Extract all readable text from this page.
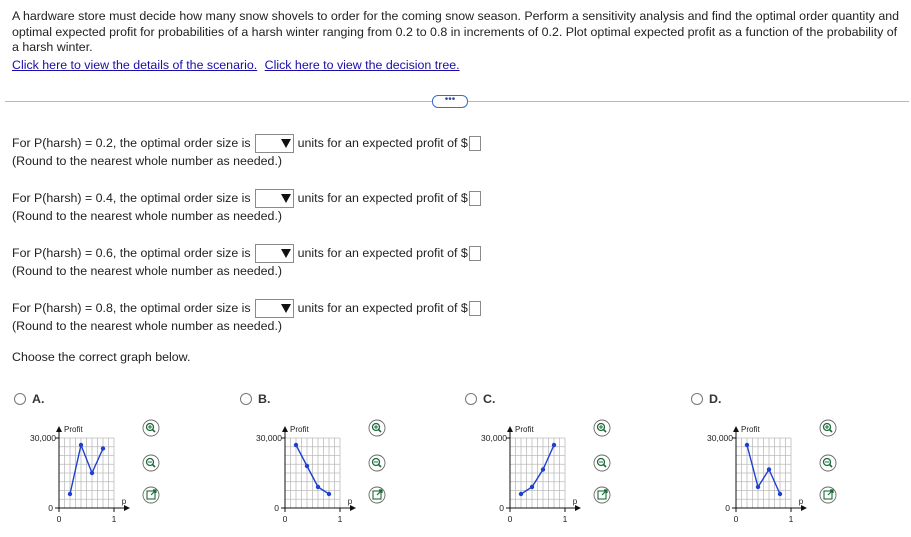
A hardware store must decide how many snow shovels to order for the coming snow season. Perform a sensitivity analysis and find the optimal order quantity and optimal expected profit for probabilities of a harsh winter ranging from 0.2 to 0.8 in increments of 0.2. Plot optimal expected profit as a function of the probability of a harsh winter.

Click here to view the details of the scenario. Click here to view the decision tree.
•••
For P(harsh) = 0.2, the optimal order size is	units for an expected profit of $
(Round to the nearest whole number as needed.)
For P(harsh) = 0.4, the optimal order size is	units for an expected profit of $
(Round to the nearest whole number as needed.)
For P(harsh) = 0.6, the optimal order size is	units for an expected profit of $
(Round to the nearest whole number as needed.)
For P(harsh) = 0.8, the optimal order size is	units for an expected profit of $
(Round to the nearest whole number as needed.)
Choose the correct graph below.
A.
Profit
30,000
0
0	1
p
B.
Profit
30,000
0
0	1
p
C.
Profit
30,000
0
0	1
p
D.
Profit
30,000
0
0	1
p
